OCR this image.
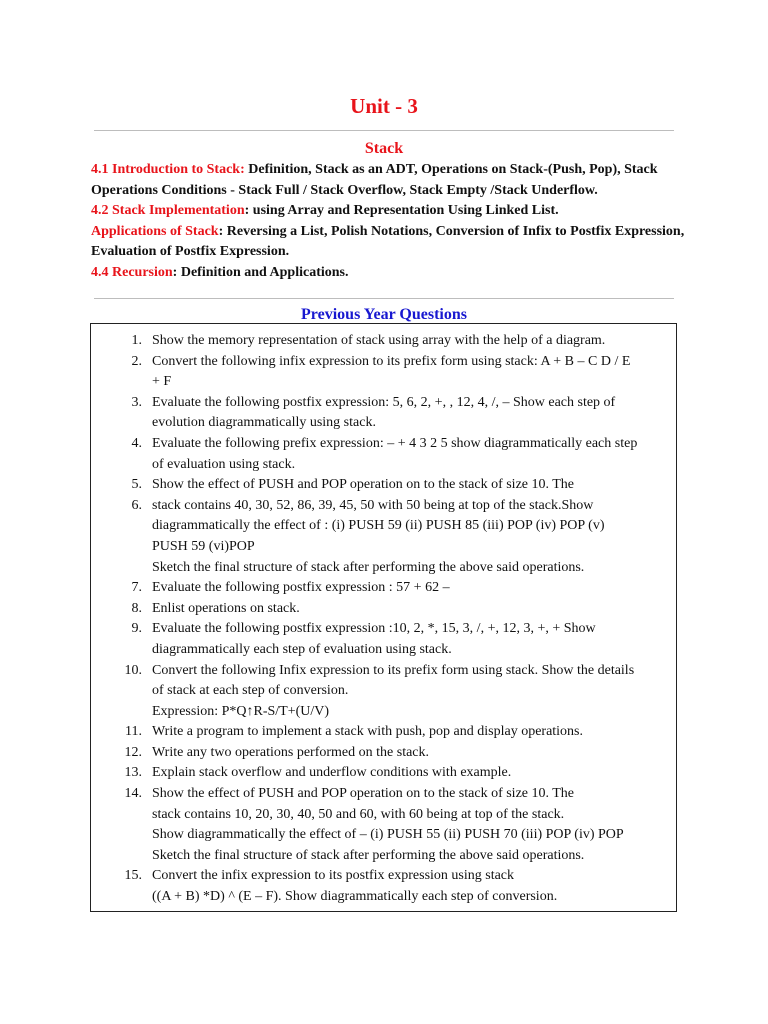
Unit - 3
Stack

4.1 Introduction to Stack: Definition, Stack as an ADT, Operations on Stack-(Push, Pop), Stack Operations Conditions - Stack Full / Stack Overflow, Stack Empty /Stack Underflow.

4.2 Stack Implementation: using Array and Representation Using Linked List.

Applications of Stack: Reversing a List, Polish Notations, Conversion of Infix to Postfix Expression, Evaluation of Postfix Expression.

4.4 Recursion: Definition and Applications.

Previous Year Questions
1. Show the memory representation of stack using array with the help of a diagram.
2. Convert the following infix expression to its prefix form using stack: A + B – C D / E
+ F
3. Evaluate the following postfix expression: 5, 6, 2, +, , 12, 4, /, – Show each step of
evolution diagrammatically using stack.
4. Evaluate the following prefix expression: – + 4 3 2 5 show diagrammatically each step
of evaluation using stack.
5. Show the effect of PUSH and POP operation on to the stack of size 10. The
6. stack contains 40, 30, 52, 86, 39, 45, 50 with 50 being at top of the stack.Show
diagrammatically the effect of : (i) PUSH 59 (ii) PUSH 85 (iii) POP (iv) POP (v)
PUSH 59 (vi)POP
Sketch the final structure of stack after performing the above said operations.
7. Evaluate the following postfix expression : 57 + 62 –
8. Enlist operations on stack.
9. Evaluate the following postfix expression :10, 2, *, 15, 3, /, +, 12, 3, +, + Show
diagrammatically each step of evaluation using stack.
10. Convert the following Infix expression to its prefix form using stack. Show the details
of stack at each step of conversion.
Expression: P*Q↑R-S/T+(U/V)
11. Write a program to implement a stack with push, pop and display operations.
12. Write any two operations performed on the stack.
13. Explain stack overflow and underflow conditions with example.
14. Show the effect of PUSH and POP operation on to the stack of size 10. The
stack contains 10, 20, 30, 40, 50 and 60, with 60 being at top of the stack.
Show diagrammatically the effect of – (i) PUSH 55 (ii) PUSH 70 (iii) POP (iv) POP
Sketch the final structure of stack after performing the above said operations.
15. Convert the infix expression to its postfix expression using stack
((A + B) *D) ^ (E – F). Show diagrammatically each step of conversion.
